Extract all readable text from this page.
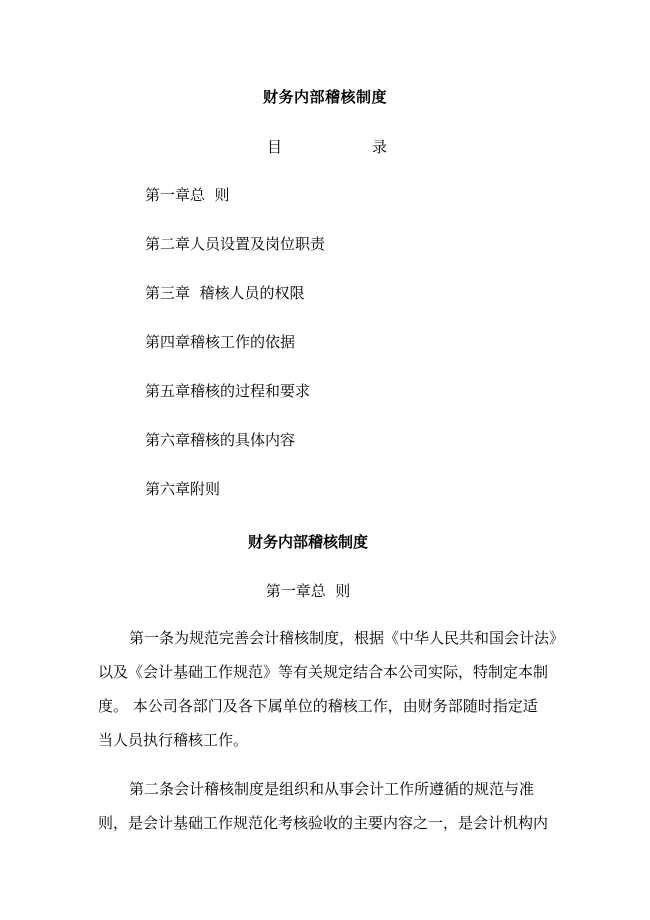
财务内部稽核制度
目	录
第一章总  则
第二章人员设置及岗位职责
第三章  稽核人员的权限
第四章稽核工作的依据
第五章稽核的过程和要求
第六章稽核的具体内容
第六章附则
财务内部稽核制度
第一章总  则
第一条为规范完善会计稽核制度，根据《中华人民共和国会计法》
以及《会计基础工作规范》等有关规定结合本公司实际，特制定本制
度。 本公司各部门及各下属单位的稽核工作，由财务部随时指定适
当人员执行稽核工作。
第二条会计稽核制度是组织和从事会计工作所遵循的规范与准
则，是会计基础工作规范化考核验收的主要内容之一，是会计机构内
